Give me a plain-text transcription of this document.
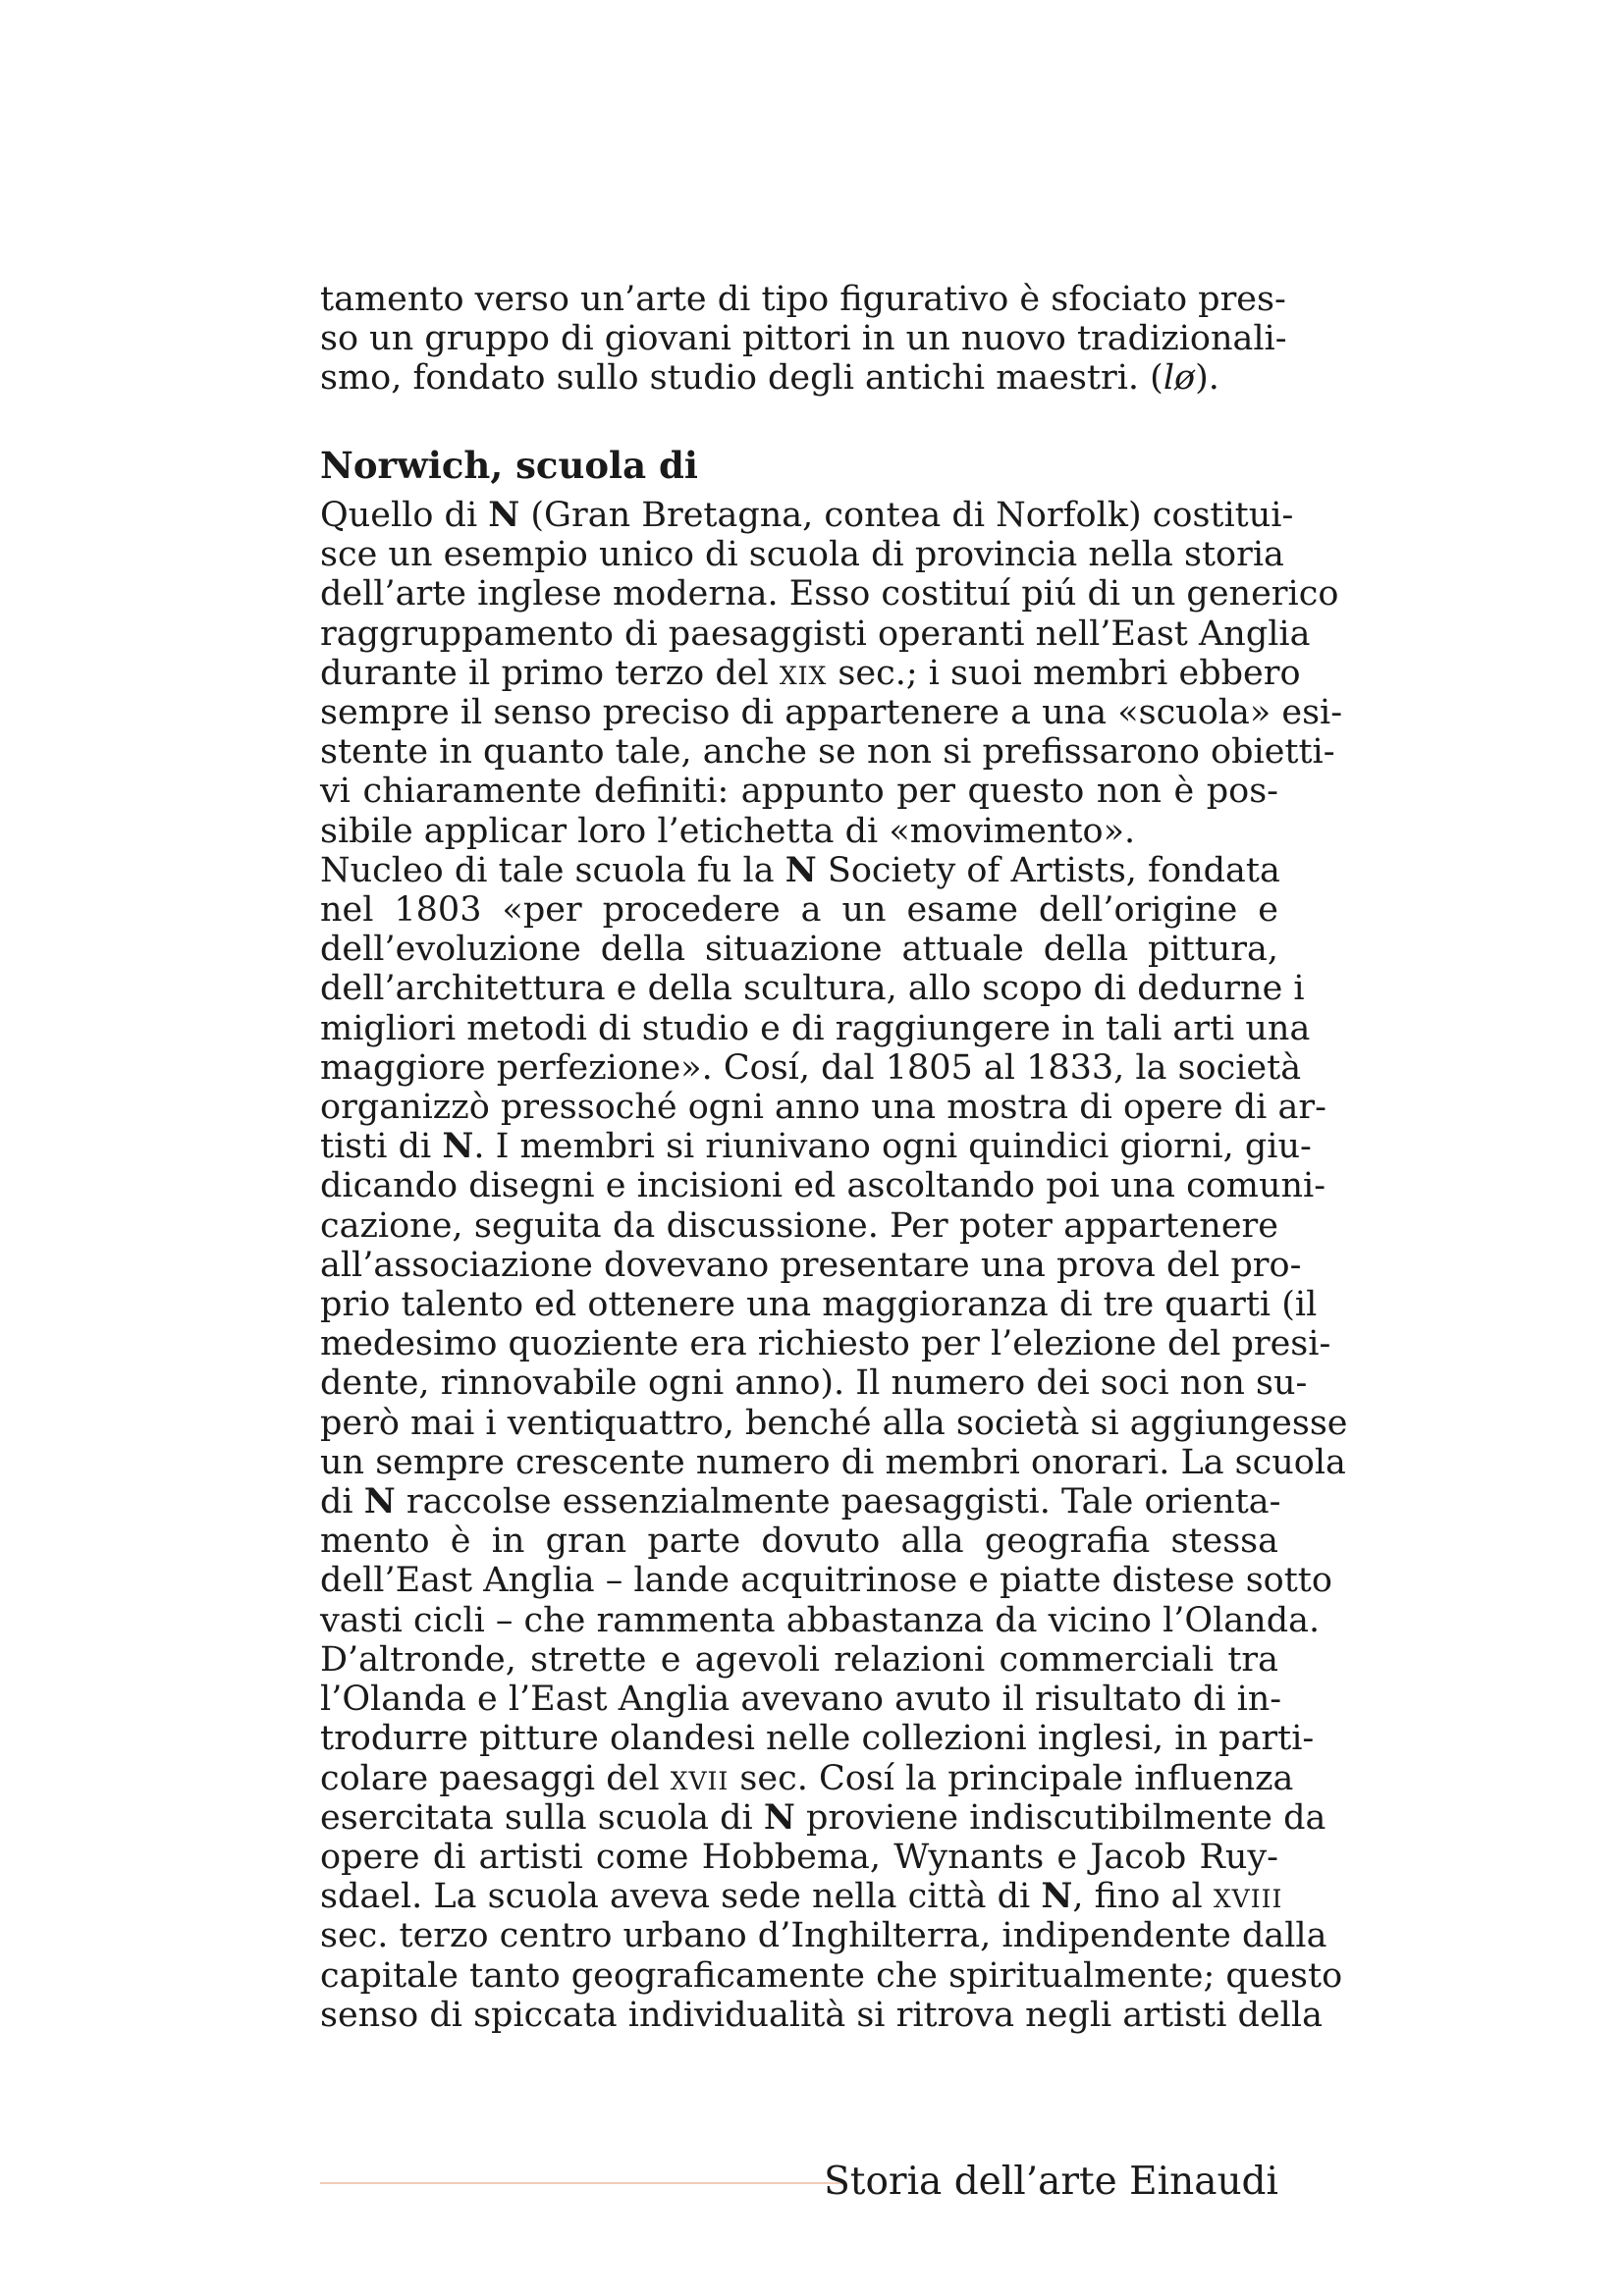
tamento verso un’arte di tipo figurativo è sfociato pres-
so un gruppo di giovani pittori in un nuovo tradizionali-
smo, fondato sullo studio degli antichi maestri. (lø).
Norwich, scuola di
Quello di N (Gran Bretagna, contea di Norfolk) costitui-
sce un esempio unico di scuola di provincia nella storia
dell’arte inglese moderna. Esso costituí piú di un generico
raggruppamento di paesaggisti operanti nell’East Anglia
durante il primo terzo del xix sec.; i suoi membri ebbero
sempre il senso preciso di appartenere a una «scuola» esi-
stente in quanto tale, anche se non si prefissarono obietti-
vi chiaramente definiti: appunto per questo non è pos-
sibile applicar loro l’etichetta di «movimento».
Nucleo di tale scuola fu la N Society of Artists, fondata
nel 1803 «per procedere a un esame dell’origine e
dell’evoluzione della situazione attuale della pittura,
dell’architettura e della scultura, allo scopo di dedurne i
migliori metodi di studio e di raggiungere in tali arti una
maggiore perfezione». Cosí, dal 1805 al 1833, la società
organizzò pressoché ogni anno una mostra di opere di ar-
tisti di N. I membri si riunivano ogni quindici giorni, giu-
dicando disegni e incisioni ed ascoltando poi una comuni-
cazione, seguita da discussione. Per poter appartenere
all’associazione dovevano presentare una prova del pro-
prio talento ed ottenere una maggioranza di tre quarti (il
medesimo quoziente era richiesto per l’elezione del presi-
dente, rinnovabile ogni anno). Il numero dei soci non su-
però mai i ventiquattro, benché alla società si aggiungesse
un sempre crescente numero di membri onorari. La scuola
di N raccolse essenzialmente paesaggisti. Tale orienta-
mento è in gran parte dovuto alla geografia stessa
dell’East Anglia – lande acquitrinose e piatte distese sotto
vasti cicli – che rammenta abbastanza da vicino l’Olanda.
D’altronde, strette e agevoli relazioni commerciali tra
l’Olanda e l’East Anglia avevano avuto il risultato di in-
trodurre pitture olandesi nelle collezioni inglesi, in parti-
colare paesaggi del xvii sec. Cosí la principale influenza
esercitata sulla scuola di N proviene indiscutibilmente da
opere di artisti come Hobbema, Wynants e Jacob Ruy-
sdael. La scuola aveva sede nella città di N, fino al xviii
sec. terzo centro urbano d’Inghilterra, indipendente dalla
capitale tanto geograficamente che spiritualmente; questo
senso di spiccata individualità si ritrova negli artisti della
Storia dell’arte Einaudi
